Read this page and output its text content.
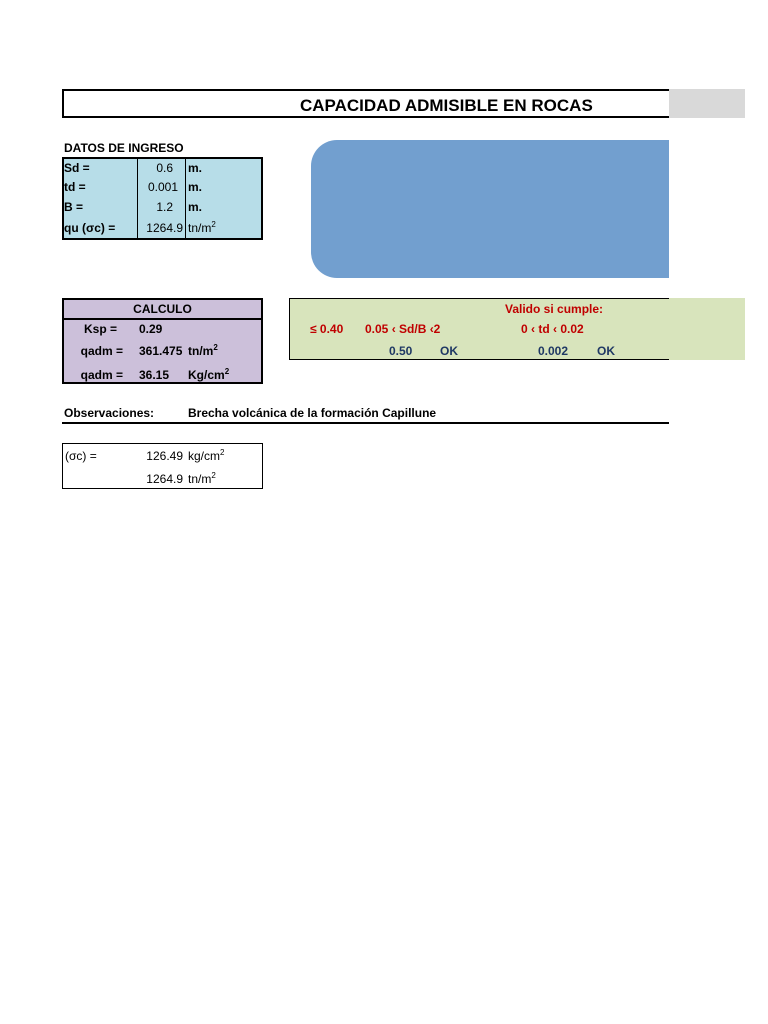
CAPACIDAD ADMISIBLE EN ROCAS
DATOS DE INGRESO
Sd =	0.6 m.
td =	0.001 m.
B =	1.2 m.
qu (σc) =	1264.9 $tn/m^2$
CALCULO
Ksp = 0.29
qadm = 361.475 $tn/m^2$
qadm = 36.15 $Kg/cm^2$
Valido si cumple:
≤ 0.40 0.05 ‹ Sd/B ‹2	0 ‹ td ‹ 0.02
0.50 OK	0.002 OK
Observaciones:	Brecha volcánica de la formación Capillune
(σc) =	126.49 $kg/cm^2$
1264.9 $tn/m^2$
